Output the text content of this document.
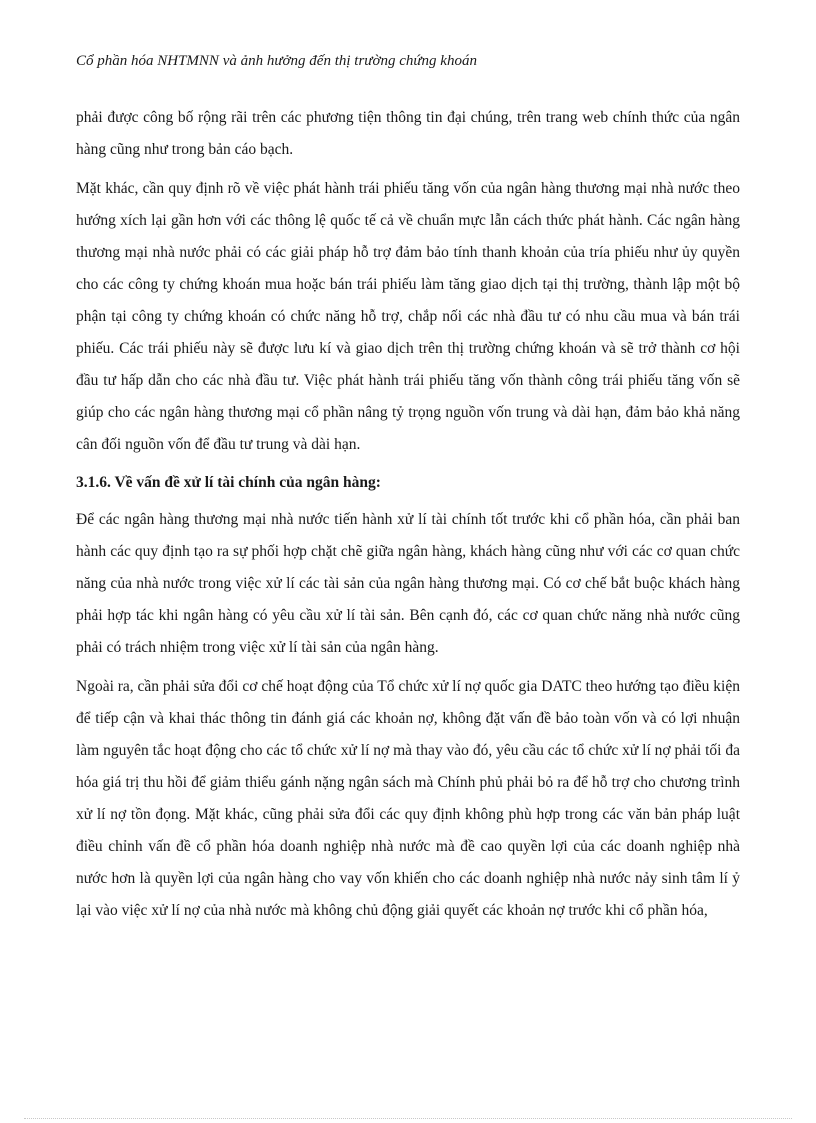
Cổ phần hóa NHTMNN và ảnh hưởng đến thị trường chứng khoán

phải được công bố rộng rãi trên các phương tiện thông tin đại chúng, trên trang web chính thức của ngân hàng cũng như trong bản cáo bạch.

Mặt khác, cần quy định rõ về việc phát hành trái phiếu tăng vốn của ngân hàng thương mại nhà nước theo hướng xích lại gần hơn với các thông lệ quốc tế cả về chuẩn mực lẫn cách thức phát hành. Các ngân hàng thương mại nhà nước phải có các giải pháp hỗ trợ đảm bảo tính thanh khoản của tría phiếu như ủy quyền cho các công ty chứng khoán mua hoặc bán trái phiếu làm tăng giao dịch tại thị trường, thành lập một bộ phận tại công ty chứng khoán có chức năng hỗ trợ, chắp nối các nhà đầu tư có nhu cầu mua và bán trái phiếu. Các trái phiếu này sẽ được lưu kí và giao dịch trên thị trường chứng khoán và sẽ trở thành cơ hội đầu tư hấp dẫn cho các nhà đầu tư. Việc phát hành trái phiếu tăng vốn thành công trái phiếu tăng vốn sẽ giúp cho các ngân hàng thương mại cổ phần nâng tỷ trọng nguồn vốn trung và dài hạn, đảm bảo khả năng cân đối nguồn vốn để đầu tư trung và dài hạn.

3.1.6. Về vấn đề xử lí tài chính của ngân hàng:

Để các ngân hàng thương mại nhà nước tiến hành xử lí tài chính tốt trước khi cổ phần hóa, cần phải ban hành các quy định tạo ra sự phối hợp chặt chẽ giữa ngân hàng, khách hàng cũng như với các cơ quan chức năng của nhà nước trong việc xử lí các tài sản của ngân hàng thương mại. Có cơ chế bắt buộc khách hàng phải hợp tác khi ngân hàng có yêu cầu xử lí tài sản. Bên cạnh đó, các cơ quan chức năng nhà nước cũng phải có trách nhiệm trong việc xử lí tài sản của ngân hàng.

Ngoài ra, cần phải sửa đổi cơ chế hoạt động của Tổ chức xử lí nợ quốc gia DATC theo hướng tạo điều kiện để tiếp cận và khai thác thông tin đánh giá các khoản nợ, không đặt vấn đề bảo toàn vốn và có lợi nhuận làm nguyên tắc hoạt động cho các tổ chức xử lí nợ mà thay vào đó, yêu cầu các tổ chức xử lí nợ phải tối đa hóa giá trị thu hồi để giảm thiểu gánh nặng ngân sách mà Chính phủ phải bỏ ra để hỗ trợ cho chương trình xử lí nợ tồn đọng. Mặt khác, cũng phải sửa đổi các quy định không phù hợp trong các văn bản pháp luật điều chỉnh vấn đề cổ phần hóa doanh nghiệp nhà nước mà đề cao quyền lợi của các doanh nghiệp nhà nước hơn là quyền lợi của ngân hàng cho vay vốn khiến cho các doanh nghiệp nhà nước nảy sinh tâm lí ỷ lại vào việc xử lí nợ của nhà nước mà không chủ động giải quyết các khoản nợ trước khi cổ phần hóa,
